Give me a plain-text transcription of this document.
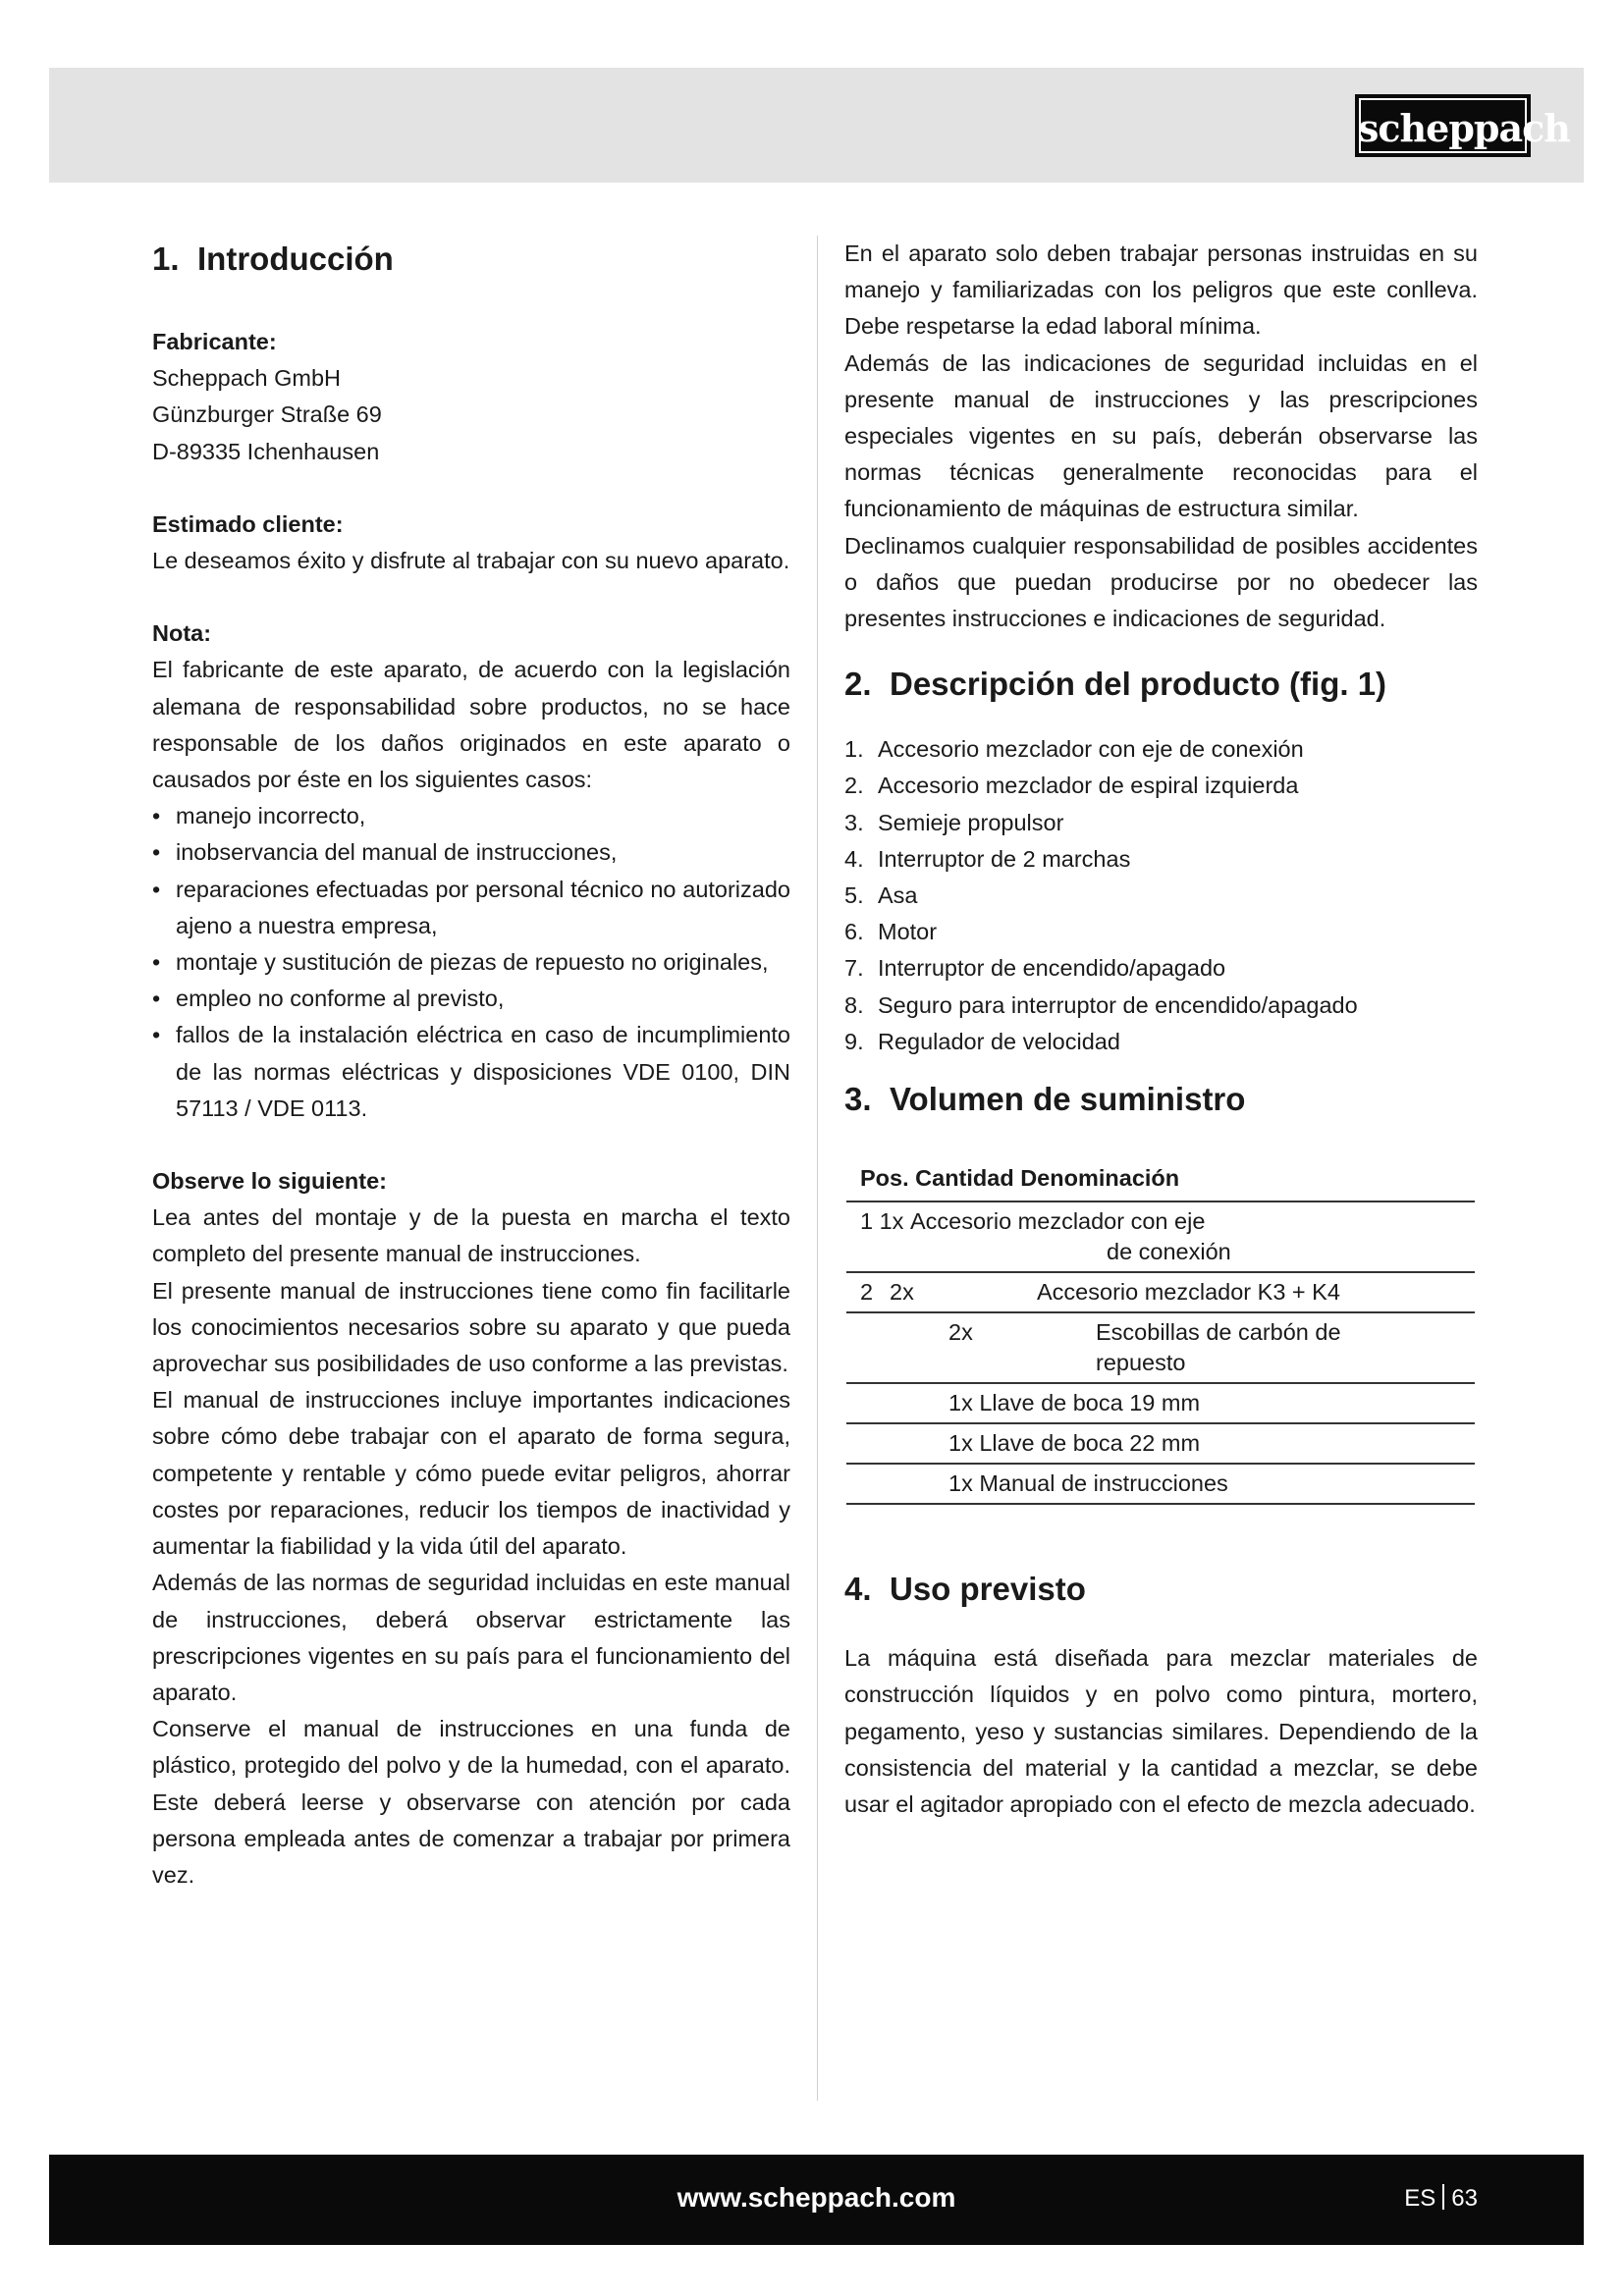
scheppach
1. Introducción

Fabricante:

Scheppach GmbH

Günzburger Straße 69

D-89335 Ichenhausen

Estimado cliente:

Le deseamos éxito y disfrute al trabajar con su nuevo aparato.

Nota:

El fabricante de este aparato, de acuerdo con la legislación alemana de responsabilidad sobre productos, no se hace responsable de los daños originados en este aparato o causados por éste en los siguientes casos:

• manejo incorrecto,
• inobservancia del manual de instrucciones,
• reparaciones efectuadas por personal técnico no autorizado ajeno a nuestra empresa,
• montaje y sustitución de piezas de repuesto no originales,
• empleo no conforme al previsto,
• fallos de la instalación eléctrica en caso de incumplimiento de las normas eléctricas y disposiciones VDE 0100, DIN 57113 / VDE 0113.

Observe lo siguiente:

Lea antes del montaje y de la puesta en marcha el texto completo del presente manual de instrucciones.

El presente manual de instrucciones tiene como fin facilitarle los conocimientos necesarios sobre su aparato y que pueda aprovechar sus posibilidades de uso conforme a las previstas.

El manual de instrucciones incluye importantes indicaciones sobre cómo debe trabajar con el aparato de forma segura, competente y rentable y cómo puede evitar peligros, ahorrar costes por reparaciones, reducir los tiempos de inactividad y aumentar la fiabilidad y la vida útil del aparato.

Además de las normas de seguridad incluidas en este manual de instrucciones, deberá observar estrictamente las prescripciones vigentes en su país para el funcionamiento del aparato.

Conserve el manual de instrucciones en una funda de plástico, protegido del polvo y de la humedad, con el aparato. Este deberá leerse y observarse con atención por cada persona empleada antes de comenzar a trabajar por primera vez.

En el aparato solo deben trabajar personas instruidas en su manejo y familiarizadas con los peligros que este conlleva. Debe respetarse la edad laboral mínima.

Además de las indicaciones de seguridad incluidas en el presente manual de instrucciones y las prescripciones especiales vigentes en su país, deberán observarse las normas técnicas generalmente reconocidas para el funcionamiento de máquinas de estructura similar.

Declinamos cualquier responsabilidad de posibles accidentes o daños que puedan producirse por no obedecer las presentes instrucciones e indicaciones de seguridad.

2. Descripción del producto (fig. 1)
1. Accesorio mezclador con eje de conexión
2. Accesorio mezclador de espiral izquierda
3. Semieje propulsor
4. Interruptor de 2 marchas
5. Asa
6. Motor
7. Interruptor de encendido/apagado
8. Seguro para interruptor de encendido/apagado
9. Regulador de velocidad
3. Volumen de suministro
Pos. Cantidad Denominación		
1 1x Accesorio mezclador con eje
de conexión		
2	2x	Accesorio mezclador K3 + K4
	2x	Escobillas de carbón de
repuesto
1x Llave de boca 19 mm		
1x Llave de boca 22 mm		
1x Manual de instrucciones		
4. Uso previsto

La máquina está diseñada para mezclar materiales de construcción líquidos y en polvo como pintura, mortero, pegamento, yeso y sustancias similares. Dependiendo de la consistencia del material y la cantidad a mezclar, se debe usar el agitador apropiado con el efecto de mezcla adecuado.

www.scheppach.com	ES 63
